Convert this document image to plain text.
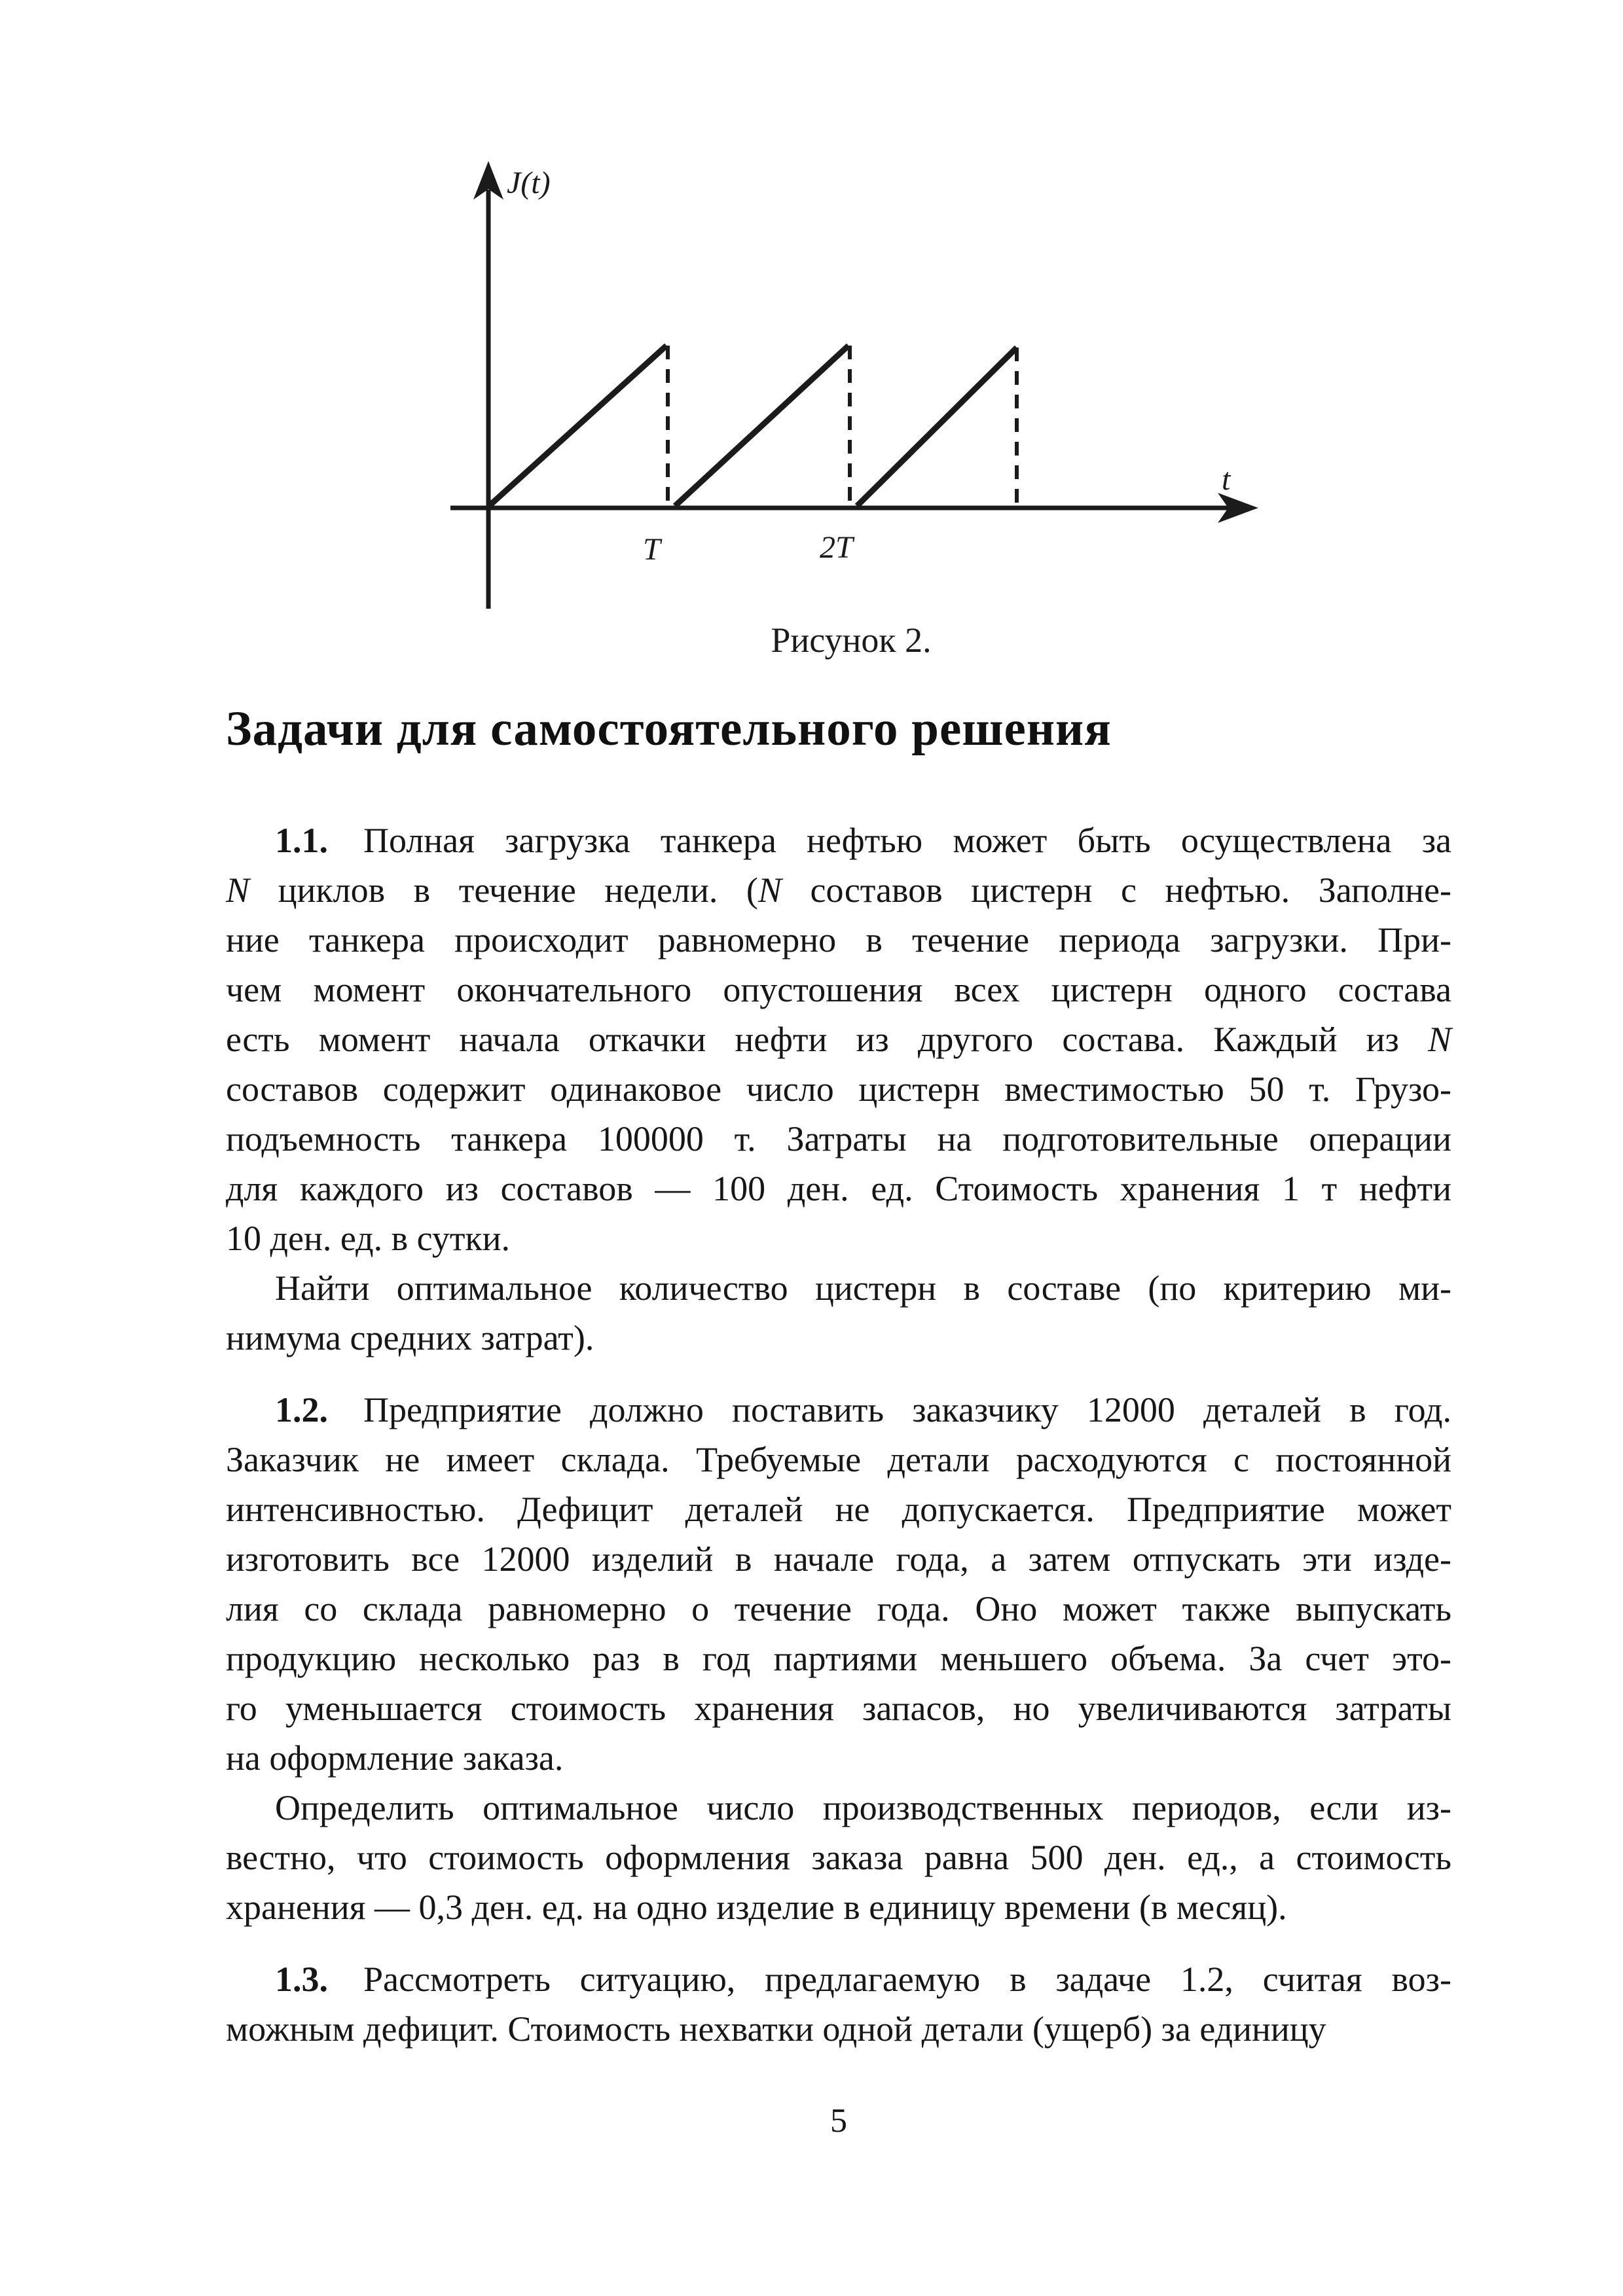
J(t)
t
T	2T
Рисунок 2.
Задачи для самостоятельного решения
1.1.  Полная загрузка танкера нефтью может быть осуществлена за
N циклов в течение недели. (N составов цистерн с нефтью. Заполне-
ние танкера происходит равномерно в течение периода загрузки. При-
чем момент окончательного опустошения всех цистерн одного состава
есть момент начала откачки нефти из другого состава. Каждый из N
составов содержит одинаковое число цистерн вместимостью 50 т. Грузо-
подъемность танкера 100000 т. Затраты на подготовительные операции
для каждого из составов — 100 ден. ед. Стоимость хранения 1 т нефти
10 ден. ед. в сутки.
Найти оптимальное количество цистерн в составе (по критерию ми-
нимума средних затрат).
1.2.  Предприятие должно поставить заказчику 12000 деталей в год.
Заказчик не имеет склада. Требуемые детали расходуются с постоянной
интенсивностью. Дефицит деталей не допускается. Предприятие может
изготовить все 12000 изделий в начале года, а затем отпускать эти изде-
лия со склада равномерно о течение года. Оно может также выпускать
продукцию несколько раз в год партиями меньшего объема. За счет это-
го уменьшается стоимость хранения запасов, но увеличиваются затраты
на оформление заказа.
Определить оптимальное число производственных периодов, если из-
вестно, что стоимость оформления заказа равна 500 ден. ед., а стоимость
хранения — 0,3 ден. ед. на одно изделие в единицу времени (в месяц).
1.3.  Рассмотреть ситуацию, предлагаемую в задаче 1.2, считая воз-
можным дефицит. Стоимость нехватки одной детали (ущерб) за единицу
5
